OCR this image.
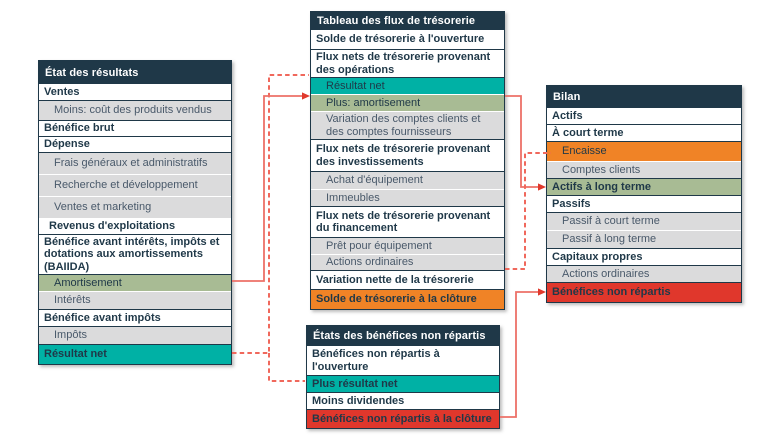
État des résultats
Ventes
Moins: coût des produits vendus
Bénéfice brut
Dépense
Frais généraux et administratifs
Recherche et développement
Ventes et marketing
Revenus d'exploitations
Bénéfice avant intérêts, impôts et dotations aux amortissements (BAIIDA)
Amortisement
Intérêts
Bénéfice avant impôts
Impôts
Résultat net
Tableau des flux de trésorerie
Solde de trésorerie à l'ouverture
Flux nets de trésorerie provenant des opérations
Résultat net
Plus: amortisement
Variation des comptes clients et des comptes fournisseurs
Flux nets de trésorerie provenant des investissements
Achat d'équipement
Immeubles
Flux nets de trésorerie provenant du financement
Prêt pour équipement
Actions ordinaires
Variation nette de la trésorerie
Solde de trésorerie à la clôture
États des bénéfices non répartis
Bénéfices non répartis à l'ouverture
Plus résultat net
Moins dividendes
Bénéfices non répartis à la clôture
Bilan
Actifs
À court terme
Encaisse
Comptes clients
Actifs à long terme
Passifs
Passif à court terme
Passif à long terme
Capitaux propres
Actions ordinaires
Bénéfices non répartis
